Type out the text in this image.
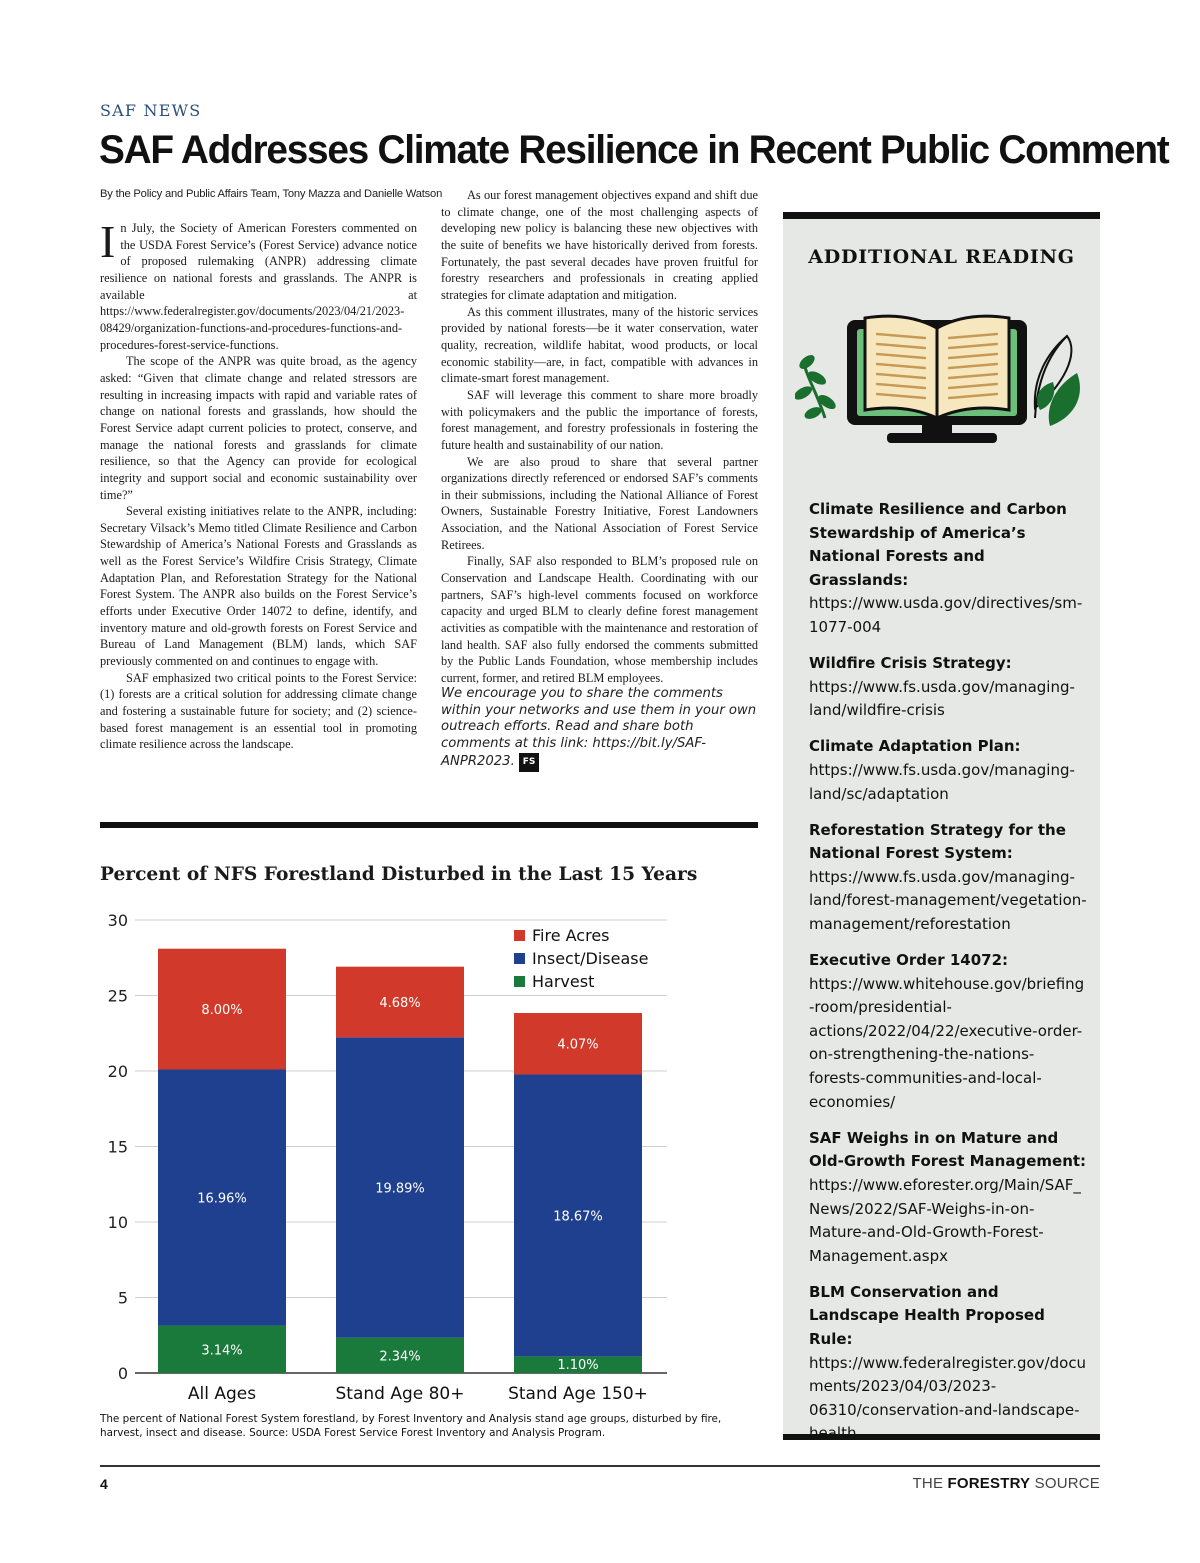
SAF NEWS
SAF Addresses Climate Resilience in Recent Public Comment
By the Policy and Public Affairs Team, Tony Mazza and Danielle Watson

In July, the Society of American Foresters commented on the USDA Forest Service’s (Forest Service) advance notice of proposed rulemaking (ANPR) addressing climate resilience on national forests and grasslands. The ANPR is available at https://www.federalregister.gov/documents/2023/04/21/2023-08429/organization-functions-and-procedures-functions-and-procedures-forest-service-functions.

The scope of the ANPR was quite broad, as the agency asked: “Given that climate change and related stressors are resulting in increasing impacts with rapid and variable rates of change on national forests and grasslands, how should the Forest Service adapt current policies to protect, conserve, and manage the national forests and grasslands for climate resilience, so that the Agency can provide for ecological integrity and support social and economic sustainability over time?”

Several existing initiatives relate to the ANPR, including: Secretary Vilsack’s Memo titled Climate Resilience and Carbon Stewardship of America’s National Forests and Grasslands as well as the Forest Service’s Wildfire Crisis Strategy, Climate Adaptation Plan, and Reforestation Strategy for the National Forest System. The ANPR also builds on the Forest Service’s efforts under Executive Order 14072 to define, identify, and inventory mature and old-growth forests on Forest Service and Bureau of Land Management (BLM) lands, which SAF previously commented on and continues to engage with.

SAF emphasized two critical points to the Forest Service: (1) forests are a critical solution for addressing climate change and fostering a sustainable future for society; and (2) science-based forest management is an essential tool in promoting climate resilience across the landscape.

As our forest management objectives expand and shift due to climate change, one of the most challenging aspects of developing new policy is balancing these new objectives with the suite of benefits we have historically derived from forests. Fortunately, the past several decades have proven fruitful for forestry researchers and professionals in creating applied strategies for climate adaptation and mitigation.

As this comment illustrates, many of the historic services provided by national forests—be it water conservation, water quality, recreation, wildlife habitat, wood products, or local economic stability—are, in fact, compatible with advances in climate-smart forest management.

SAF will leverage this comment to share more broadly with policymakers and the public the importance of forests, forest management, and forestry professionals in fostering the future health and sustainability of our nation.

We are also proud to share that several partner organizations directly referenced or endorsed SAF’s comments in their submissions, including the National Alliance of Forest Owners, Sustainable Forestry Initiative, Forest Landowners Association, and the National Association of Forest Service Retirees.

Finally, SAF also responded to BLM’s proposed rule on Conservation and Landscape Health. Coordinating with our partners, SAF’s high-level comments focused on workforce capacity and urged BLM to clearly define forest management activities as compatible with the maintenance and restoration of land health. SAF also fully endorsed the comments submitted by the Public Lands Foundation, whose membership includes current, former, and retired BLM employees.

We encourage you to share the comments within your networks and use them in your own outreach efforts. Read and share both comments at this link: https://bit.ly/SAF-ANPR2023. FS
Percent of NFS Forestland Disturbed in the Last 15 Years
0
5
10
15
20
25
30
3.14%
16.96%
8.00%
All Ages
2.34%
19.89%
4.68%
Stand Age 80+
1.10%
18.67%
4.07%
Stand Age 150+
Fire Acres
Insect/Disease
Harvest
The percent of National Forest System forestland, by Forest Inventory and Analysis stand age groups, disturbed by fire, harvest, insect and disease. Source: USDA Forest Service Forest Inventory and Analysis Program.
ADDITIONAL READING
Climate Resilience and Carbon Stewardship of America’s National Forests and Grasslands: https://www.usda.gov/directives/sm-1077-004
Wildfire Crisis Strategy: https://www.fs.usda.gov/managing-land/wildfire-crisis
Climate Adaptation Plan: https://www.fs.usda.gov/managing-land/sc/adaptation
Reforestation Strategy for the National Forest System: https://www.fs.usda.gov/managing-land/forest-management/vegetation-management/reforestation
Executive Order 14072: https://www.whitehouse.gov/briefing-room/presidential-actions/2022/04/22/executive-order-on-strengthening-the-nations-forests-communities-and-local-economies/
SAF Weighs in on Mature and Old-Growth Forest Management: https://www.eforester.org/Main/SAF_News/2022/SAF-Weighs-in-on-Mature-and-Old-Growth-Forest-Management.aspx
BLM Conservation and Landscape Health Proposed Rule: https://www.federalregister.gov/documents/2023/04/03/2023-06310/conservation-and-landscape-health
4	THE FORESTRY SOURCE
